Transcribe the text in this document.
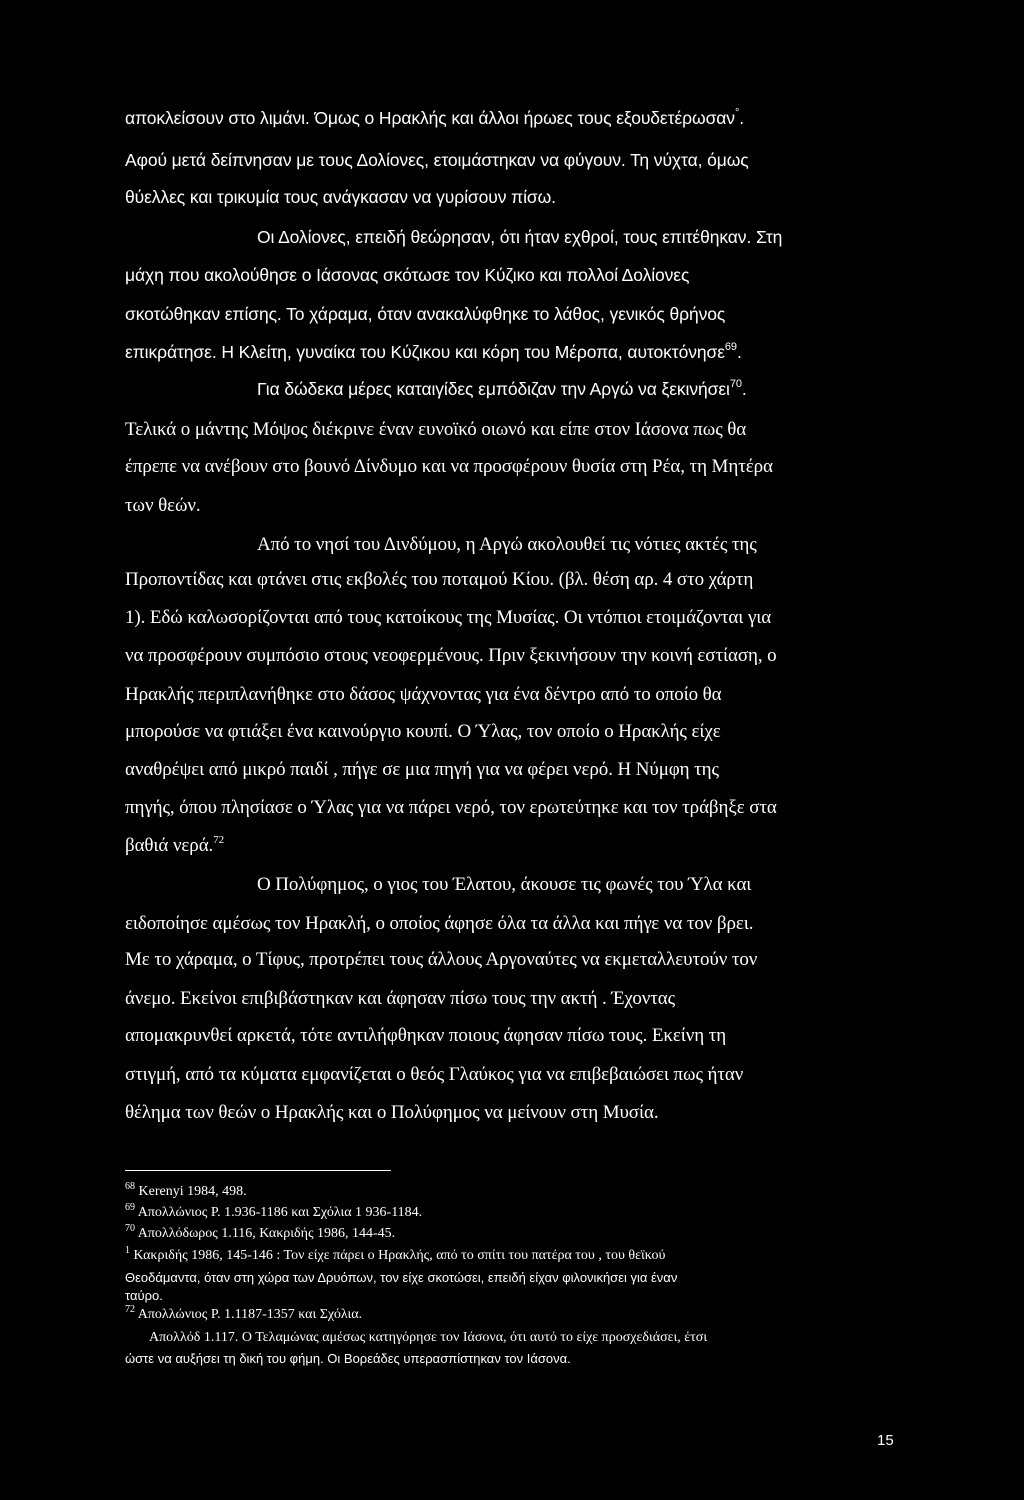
αποκλείσουν στο λιμάνι. Όμως ο Ηρακλής και άλλοι ήρωες τους εξουδετέρωσαν°.
Αφού μετά δείπνησαν με τους Δολίονες, ετοιμάστηκαν να φύγουν. Τη νύχτα, όμως
θύελλες και τρικυμία τους ανάγκασαν να γυρίσουν πίσω.
Οι Δολίονες, επειδή θεώρησαν, ότι ήταν εχθροί, τους επιτέθηκαν. Στη
μάχη που ακολούθησε ο Ιάσονας σκότωσε τον Κύζικο και πολλοί Δολίονες
σκοτώθηκαν επίσης. Το χάραμα, όταν ανακαλύφθηκε το λάθος, γενικός θρήνος
επικράτησε. Η Κλείτη, γυναίκα του Κύζικου και κόρη του Μέροπα, αυτοκτόνησε$^{69}$.
Για δώδεκα μέρες καταιγίδες εμπόδιζαν την Αργώ να ξεκινήσει$^{70}$.
Τελικά ο μάντης Μόψος διέκρινε έναν ευνοϊκό οιωνό και είπε στον Ιάσονα πως θα
έπρεπε να ανέβουν στο βουνό Δίνδυμο και να προσφέρουν θυσία στη Ρέα, τη Μητέρα
των θεών.
Από το νησί του Δινδύμου, η Αργώ ακολουθεί τις νότιες ακτές της
Προποντίδας και φτάνει στις εκβολές του ποταμού Κίου. (βλ. θέση αρ. 4 στο χάρτη
1). Εδώ καλωσορίζονται από τους κατοίκους της Μυσίας. Οι ντόπιοι ετοιμάζονται για
να προσφέρουν συμπόσιο στους νεοφερμένους. Πριν ξεκινήσουν την κοινή εστίαση, ο
Ηρακλής περιπλανήθηκε στο δάσος ψάχνοντας για ένα δέντρο από το οποίο θα
μπορούσε να φτιάξει ένα καινούργιο κουπί. Ο Ύλας, τον οποίο ο Ηρακλής είχε
αναθρέψει από μικρό παιδί , πήγε σε μια πηγή για να φέρει νερό. Η Νύμφη της
πηγής, όπου πλησίασε ο Ύλας για να πάρει νερό, τον ερωτεύτηκε και τον τράβηξε στα
βαθιά νερά.$^{72}$
Ο Πολύφημος, ο γιος του Έλατου, άκουσε τις φωνές του Ύλα και
ειδοποίησε αμέσως τον Ηρακλή, ο οποίος άφησε όλα τα άλλα και πήγε να τον βρει.
Με το χάραμα, ο Τίφυς, προτρέπει τους άλλους Αργοναύτες να εκμεταλλευτούν τον
άνεμο. Εκείνοι επιβιβάστηκαν και άφησαν πίσω τους την ακτή . Έχοντας
απομακρυνθεί αρκετά, τότε αντιλήφθηκαν ποιους άφησαν πίσω τους. Εκείνη τη
στιγμή, από τα κύματα εμφανίζεται ο θεός Γλαύκος για να επιβεβαιώσει πως ήταν
θέλημα των θεών ο Ηρακλής και ο Πολύφημος να μείνουν στη Μυσία.
$^{68}$ Kerenyi 1984, 498.
$^{69}$ Απολλώνιος Ρ. 1.936-1186 και Σχόλια 1 936-1184.
$^{70}$ Απολλόδωρος 1.116, Κακριδής 1986, 144-45.
$^1$ Κακριδής 1986, 145-146 : Τον είχε πάρει ο Ηρακλής, από το σπίτι του πατέρα του , του θεϊκού
Θεοδάμαντα, όταν στη χώρα των Δρυόπων, τον είχε σκοτώσει, επειδή είχαν φιλονικήσει για έναν
ταύρο.
$^{72}$ Απολλώνιος Ρ. 1.1187-1357 και Σχόλια.
Απολλόδ 1.117. Ο Τελαμώνας αμέσως κατηγόρησε τον Ιάσονα, ότι αυτό το είχε προσχεδιάσει, έτσι
ώστε να αυξήσει τη δική του φήμη. Οι Βορεάδες υπερασπίστηκαν τον Ιάσονα.
15
